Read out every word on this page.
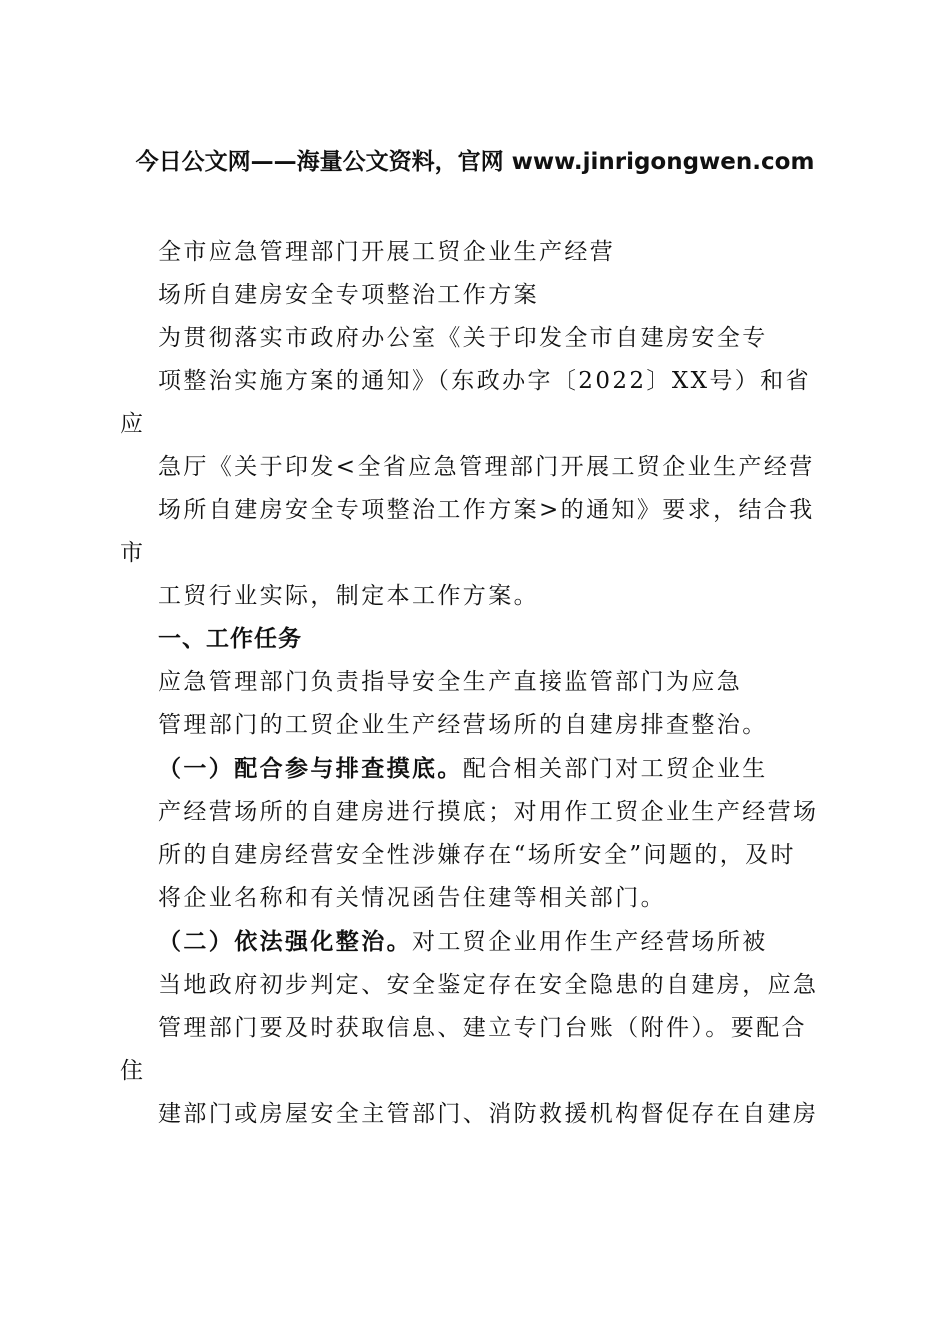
今日公文网——海量公文资料，官网 www.jinrigongwen.com
全市应急管理部门开展工贸企业生产经营
场所自建房安全专项整治工作方案
为贯彻落实市政府办公室《关于印发全市自建房安全专
项整治实施方案的通知》（东政办字〔2022〕XX号）和省
应
急厅《关于印发<全省应急管理部门开展工贸企业生产经营
场所自建房安全专项整治工作方案>的通知》要求，结合我
市
工贸行业实际，制定本工作方案。
一、工作任务
应急管理部门负责指导安全生产直接监管部门为应急
管理部门的工贸企业生产经营场所的自建房排查整治。
（一）配合参与排查摸底。配合相关部门对工贸企业生
产经营场所的自建房进行摸底；对用作工贸企业生产经营场
所的自建房经营安全性涉嫌存在“场所安全”问题的，及时
将企业名称和有关情况函告住建等相关部门。
（二）依法强化整治。对工贸企业用作生产经营场所被
当地政府初步判定、安全鉴定存在安全隐患的自建房，应急
管理部门要及时获取信息、建立专门台账（附件）。要配合
住
建部门或房屋安全主管部门、消防救援机构督促存在自建房
